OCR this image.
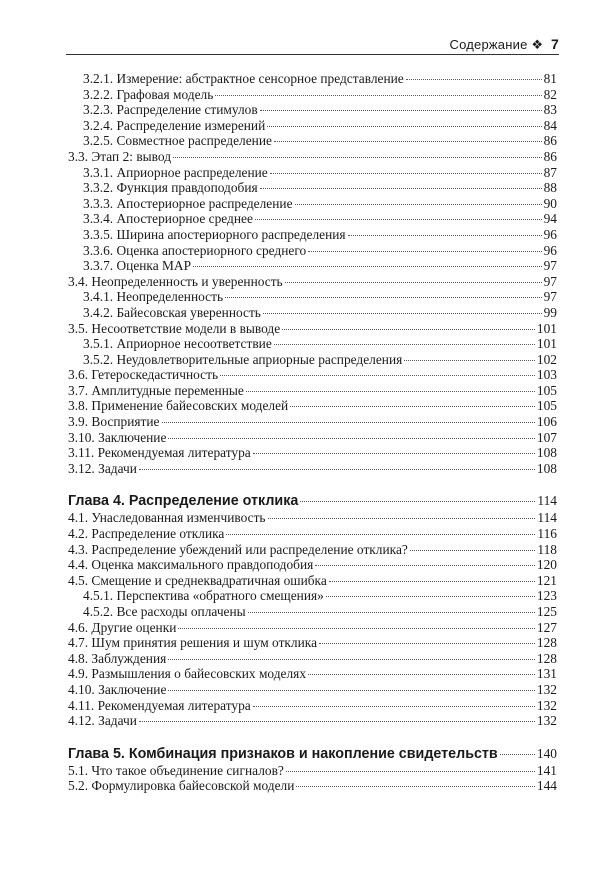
Содержание ❖ 7
3.2.1. Измерение: абстрактное сенсорное представление	81
3.2.2. Графовая модель	82
3.2.3. Распределение стимулов	83
3.2.4. Распределение измерений	84
3.2.5. Совместное распределение	86
3.3. Этап 2: вывод	86
3.3.1. Априорное распределение	87
3.3.2. Функция правдоподобия	88
3.3.3. Апостериорное распределение	90
3.3.4. Апостериорное среднее	94
3.3.5. Ширина апостериорного распределения	96
3.3.6. Оценка апостериорного среднего	96
3.3.7. Оценка MAP	97
3.4. Неопределенность и уверенность	97
3.4.1. Неопределенность	97
3.4.2. Байесовская уверенность	99
3.5. Несоответствие модели в выводе	101
3.5.1. Априорное несоответствие	101
3.5.2. Неудовлетворительные априорные распределения	102
3.6. Гетероскедастичность	103
3.7. Амплитудные переменные	105
3.8. Применение байесовских моделей	105
3.9. Восприятие	106
3.10. Заключение	107
3.11. Рекомендуемая литература	108
3.12. Задачи	108
Глава 4. Распределение отклика	114
4.1. Унаследованная изменчивость	114
4.2. Распределение отклика	116
4.3. Распределение убеждений или распределение отклика?	118
4.4. Оценка максимального правдоподобия	120
4.5. Смещение и среднеквадратичная ошибка	121
4.5.1. Перспектива «обратного смещения»	123
4.5.2. Все расходы оплачены	125
4.6. Другие оценки	127
4.7. Шум принятия решения и шум отклика	128
4.8. Заблуждения	128
4.9. Размышления о байесовских моделях	131
4.10. Заключение	132
4.11. Рекомендуемая литература	132
4.12. Задачи	132
Глава 5. Комбинация признаков и накопление свидетельств	140
5.1. Что такое объединение сигналов?	141
5.2. Формулировка байесовской модели	144
